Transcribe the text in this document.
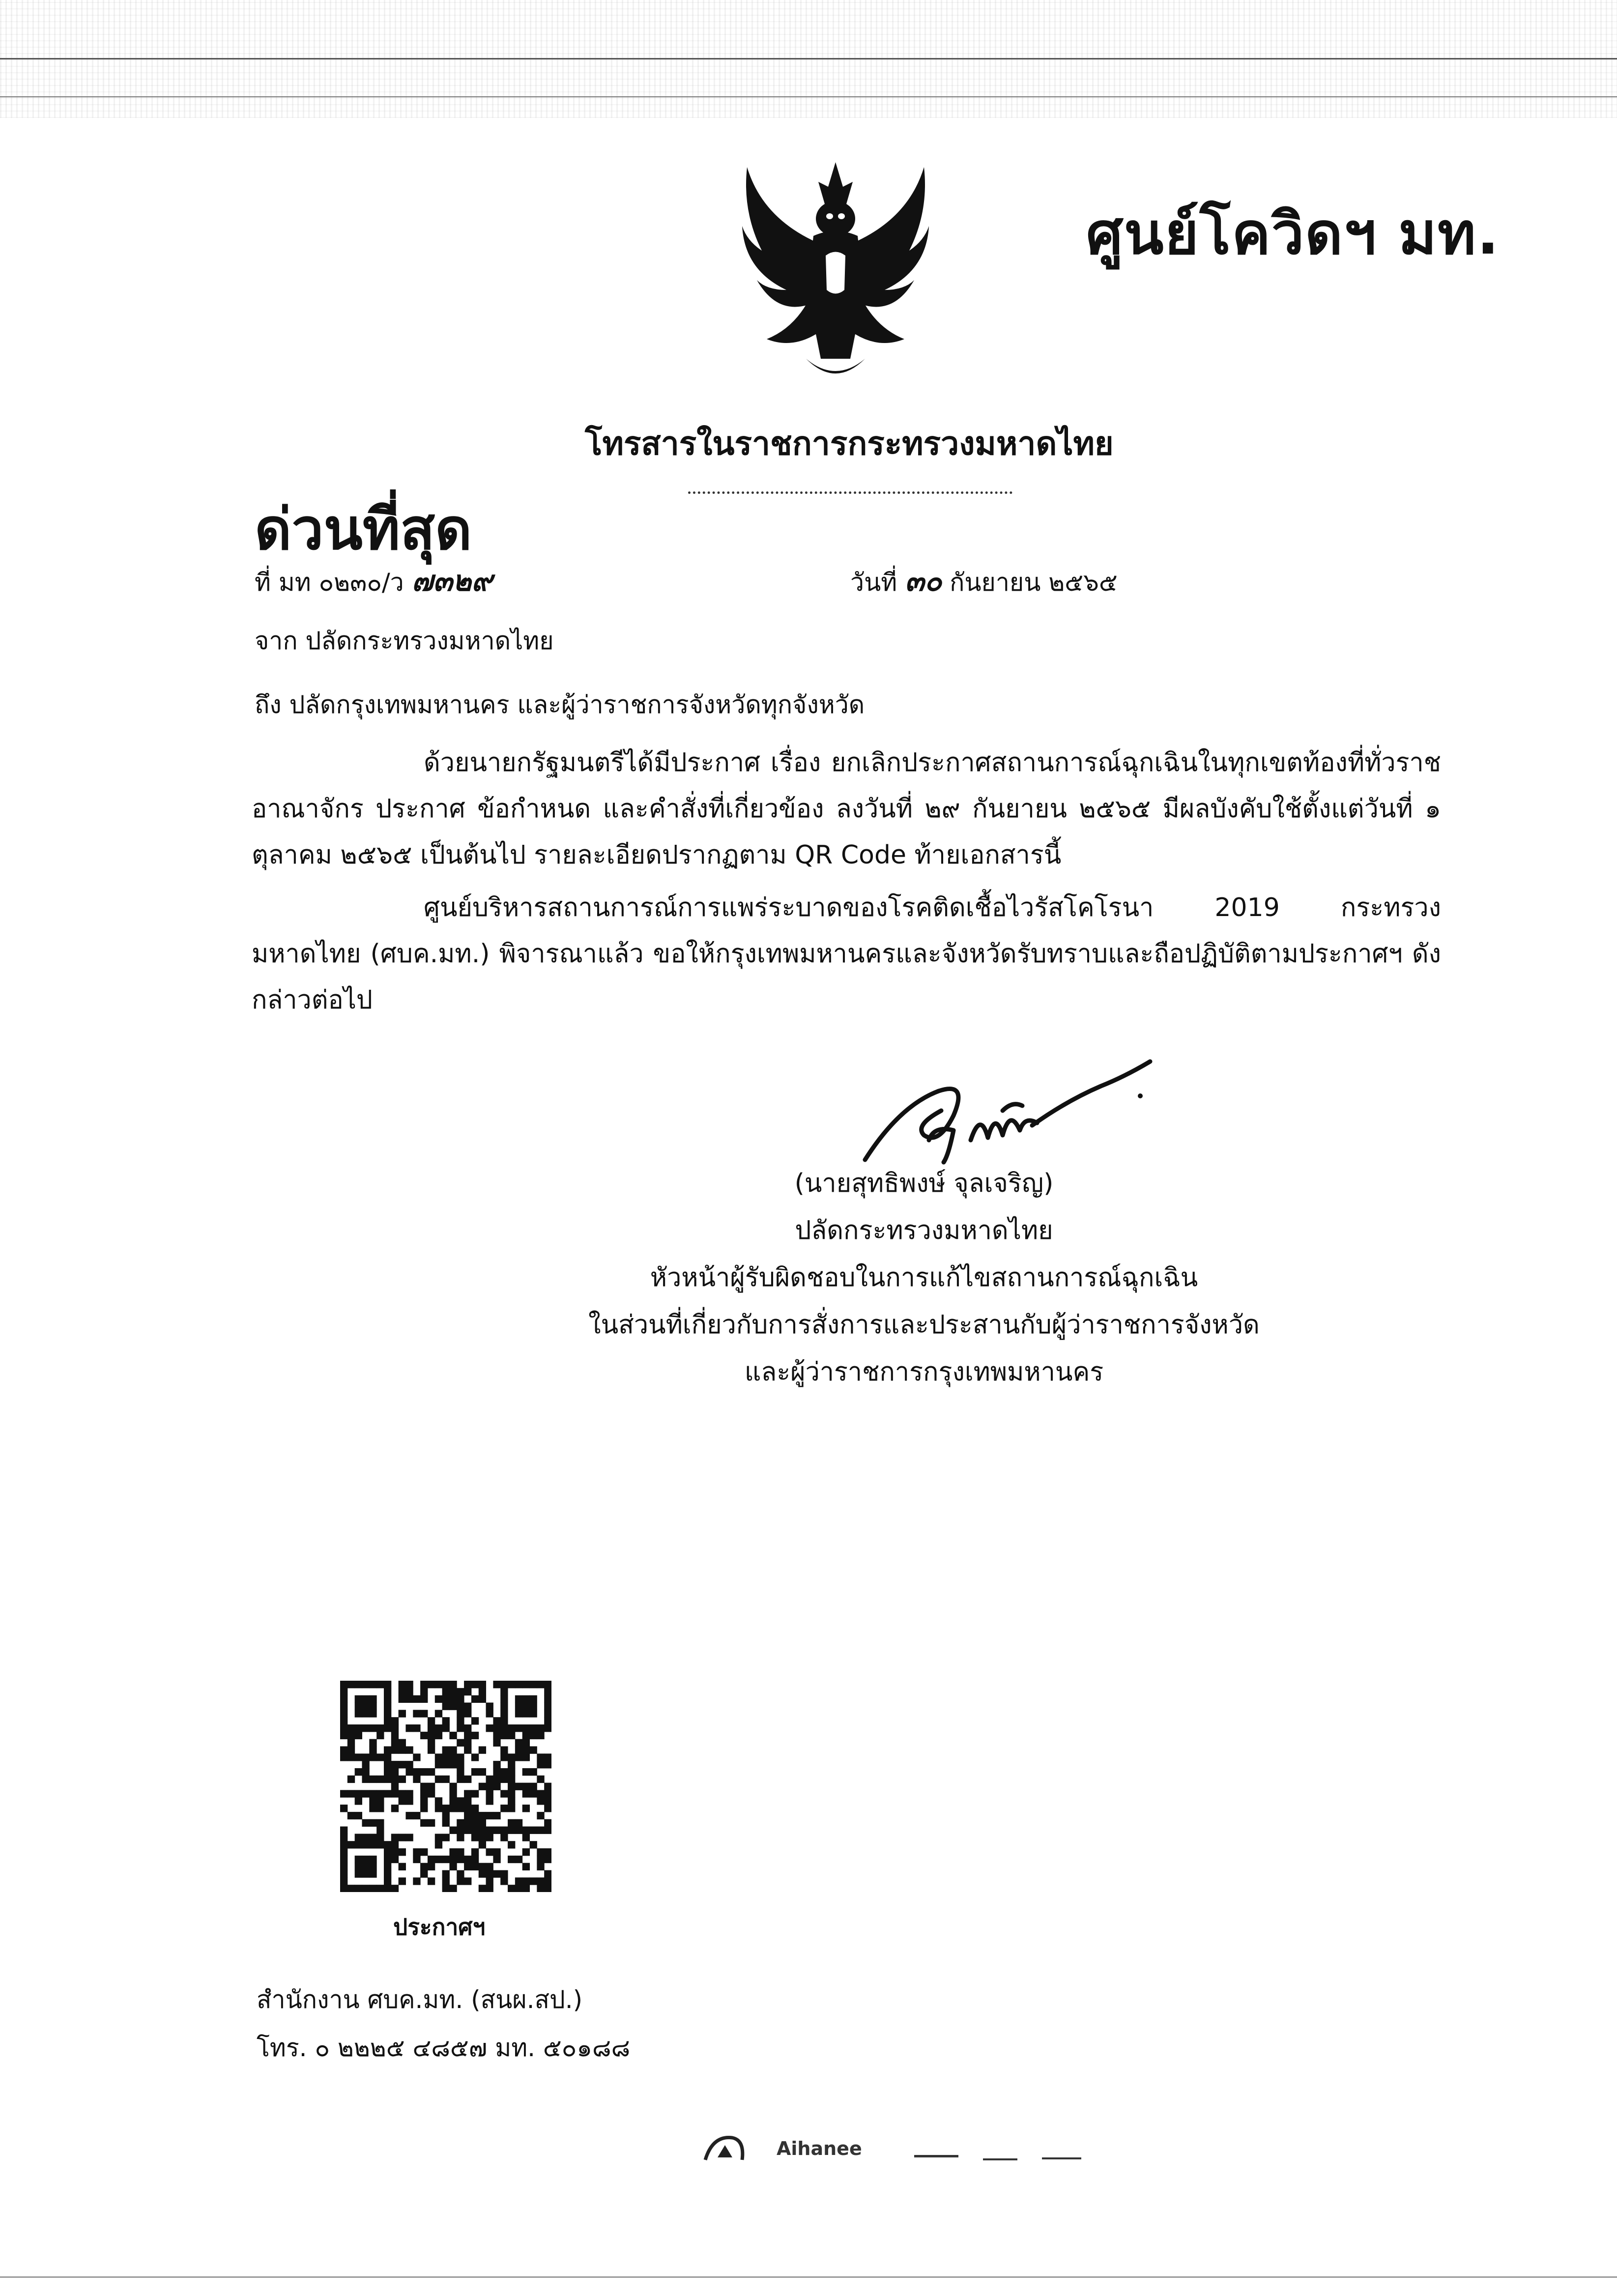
ศูนย์โควิดฯ มท.
โทรสารในราชการกระทรวงมหาดไทย
ด่วนที่สุด
ที่ มท ๐๒๓๐/ว ๗๓๒๙	วันที่ ๓๐ กันยายน ๒๕๖๕
จาก ปลัดกระทรวงมหาดไทย
ถึง ปลัดกรุงเทพมหานคร และผู้ว่าราชการจังหวัดทุกจังหวัด
ด้วยนายกรัฐมนตรีได้มีประกาศ เรื่อง ยกเลิกประกาศสถานการณ์ฉุกเฉินในทุกเขตท้องที่ทั่วราชอาณาจักร ประกาศ ข้อกำหนด และคำสั่งที่เกี่ยวข้อง ลงวันที่ ๒๙ กันยายน ๒๕๖๕ มีผลบังคับใช้ตั้งแต่วันที่ ๑ ตุลาคม ๒๕๖๕ เป็นต้นไป รายละเอียดปรากฏตาม QR Code ท้ายเอกสารนี้
ศูนย์บริหารสถานการณ์การแพร่ระบาดของโรคติดเชื้อไวรัสโคโรนา 2019 กระทรวงมหาดไทย (ศบค.มท.) พิจารณาแล้ว ขอให้กรุงเทพมหานครและจังหวัดรับทราบและถือปฏิบัติตามประกาศฯ ดังกล่าวต่อไป
(นายสุทธิพงษ์ จุลเจริญ)
ปลัดกระทรวงมหาดไทย
หัวหน้าผู้รับผิดชอบในการแก้ไขสถานการณ์ฉุกเฉิน
ในส่วนที่เกี่ยวกับการสั่งการและประสานกับผู้ว่าราชการจังหวัด
และผู้ว่าราชการกรุงเทพมหานคร
ประกาศฯ
สำนักงาน ศบค.มท. (สนผ.สป.)
โทร. ๐ ๒๒๒๕ ๔๘๕๗ มท. ๕๐๑๘๘
Aihanee
